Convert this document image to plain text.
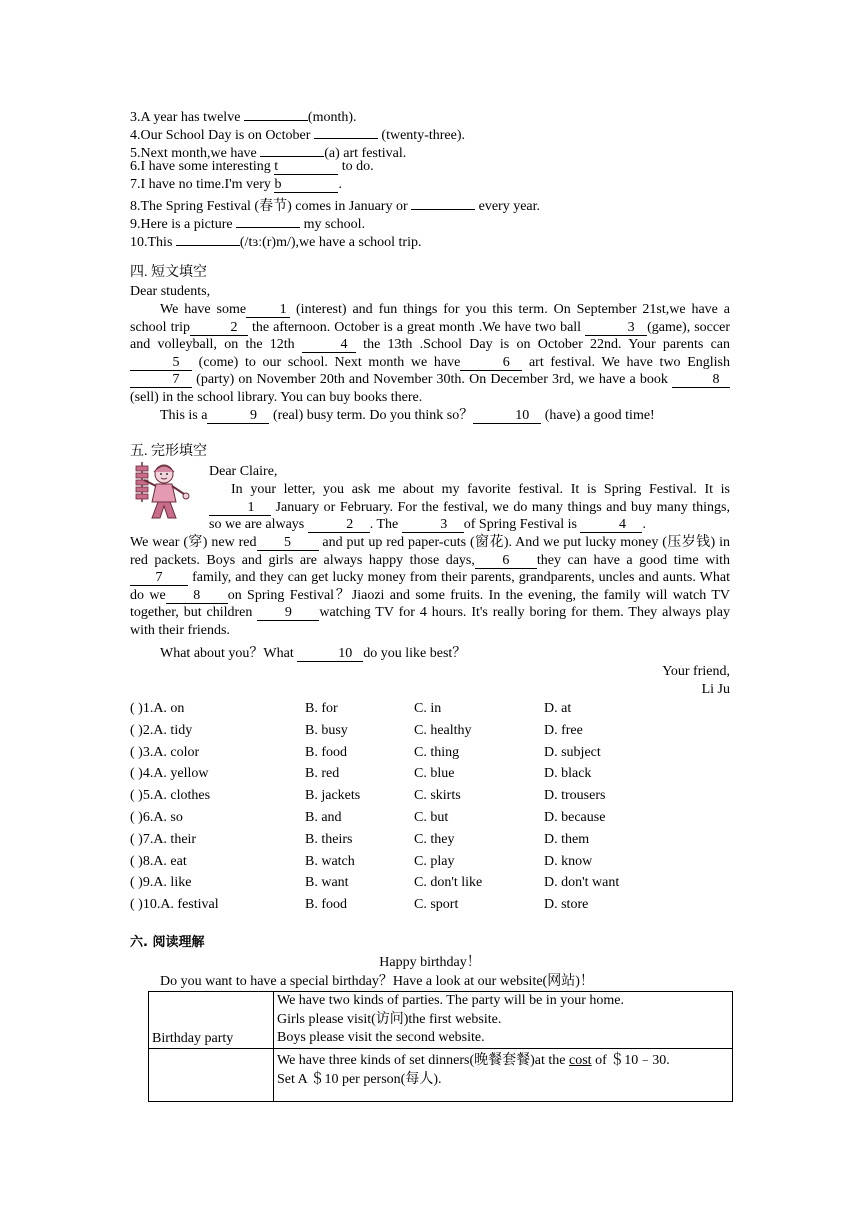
3.A year has twelve	(month).
4.Our School Day is on October	(twenty-three).
5.Next month,we have	(a) art festival.
6.I have some interesting t	to do.
7.I have no time.I'm very b	.
8.The Spring Festival (春节) comes in January or	every year.
9.Here is a picture	my school.
10.This	(/tɜː(r)m/),we have a school trip.
四. 短文填空
Dear students,
We have some 1 (interest) and fun things for you this term. On September 21st,we have a school trip	2 the afternoon. October is a great month .We have two ball	3 (game), soccer and volleyball, on the 12th	4 the 13th .School Day is on October 22nd. Your parents can5 (come) to our school. Next month we have	6 art festival. We have two English7 (party) on November 20th and November 30th. On December 3rd, we have a book	8(sell) in the school library. You can buy books there.
This is a	9 (real) busy term. Do you think so？	10 (have) a good time!
五. 完形填空
Dear Claire,
In your letter, you ask me about my favorite festival. It is Spring Festival. It is 1 January or February. For the festival, we do many things and buy many things, so we are always	2 . The	3 of Spring Festival is	4 .
We wear (穿) new red 5 and put up red paper-cuts (窗花). And we put lucky money (压岁钱) in red packets. Boys and girls are always happy those days, 6 they can have a good time with7 family, and they can get lucky money from their parents, grandparents, uncles and aunts. What do we 8 on Spring Festival？Jiaozi and some fruits. In the evening, the family will watch TV together, but children 9 watching TV for 4 hours. It's really boring for them. They always play with their friends.
What about you？What	10 do you like best？
Your friend,
Li Ju
( )1.A. on	B. for	C. in	D. at
( )2.A. tidy	B. busy	C. healthy	D. free
( )3.A. color	B. food	C. thing	D. subject
( )4.A. yellow	B. red	C. blue	D. black
( )5.A. clothes	B. jackets	C. skirts	D. trousers
( )6.A. so	B. and	C. but	D. because
( )7.A. their	B. theirs	C. they	D. them
( )8.A. eat	B. watch	C. play	D. know
( )9.A. like	B. want	C. don't like	D. don't want
( )10.A. festival	B. food	C. sport	D. store
六. 阅读理解
Happy birthday！
Do you want to have a special birthday？Have a look at our website(网站)！
Birthday party	We have two kinds of parties. The party will be in your home.
Girls please visit(访问)the first website.
Boys please visit the second website.

	We have three kinds of set dinners(晚餐套餐)at the cost of ＄10﹣30.
Set A ＄10 per person(每人).
